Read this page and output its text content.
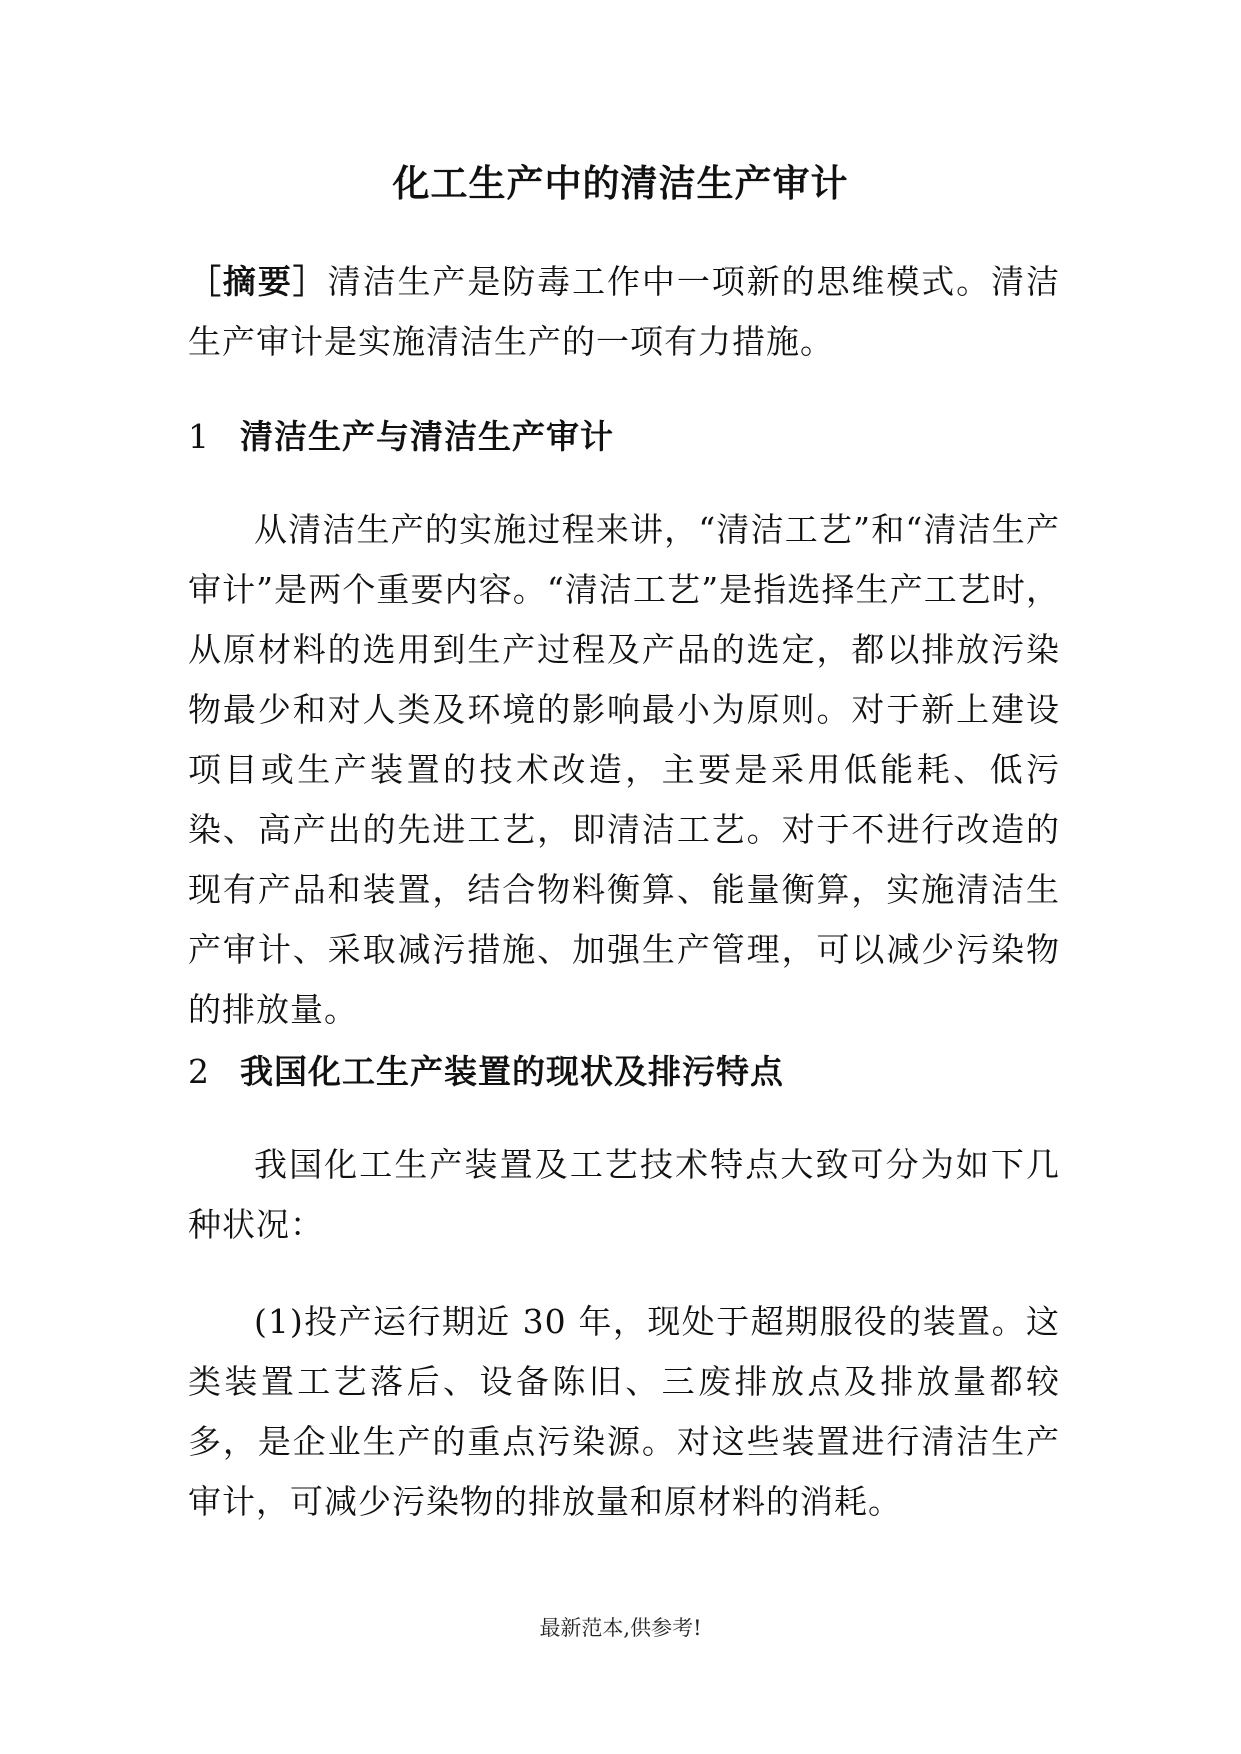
化工生产中的清洁生产审计
［摘要］清洁生产是防毒工作中一项新的思维模式。清洁生产审计是实施清洁生产的一项有力措施。
1 清洁生产与清洁生产审计
从清洁生产的实施过程来讲，“清洁工艺”和“清洁生产审计”是两个重要内容。“清洁工艺”是指选择生产工艺时，从原材料的选用到生产过程及产品的选定，都以排放污染物最少和对人类及环境的影响最小为原则。对于新上建设项目或生产装置的技术改造，主要是采用低能耗、低污染、高产出的先进工艺，即清洁工艺。对于不进行改造的现有产品和装置，结合物料衡算、能量衡算，实施清洁生产审计、采取减污措施、加强生产管理，可以减少污染物的排放量。
2 我国化工生产装置的现状及排污特点
我国化工生产装置及工艺技术特点大致可分为如下几种状况：
(1)投产运行期近 30 年，现处于超期服役的装置。这类装置工艺落后、设备陈旧、三废排放点及排放量都较多，是企业生产的重点污染源。对这些装置进行清洁生产审计，可减少污染物的排放量和原材料的消耗。
最新范本,供参考!
